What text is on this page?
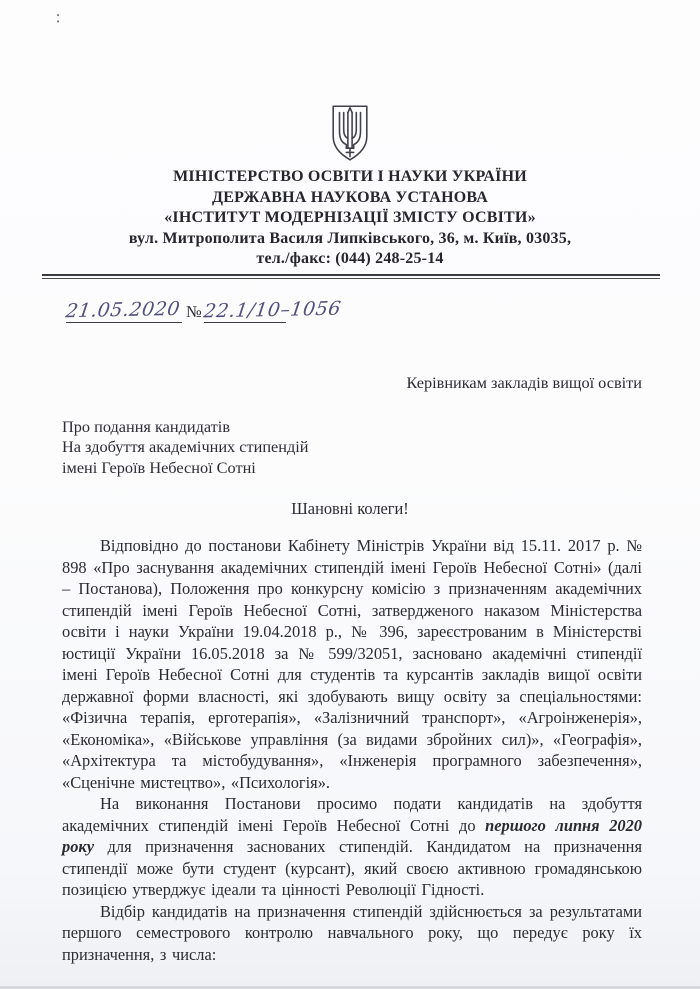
:
МІНІСТЕРСТВО ОСВІТИ І НАУКИ УКРАЇНИ
ДЕРЖАВНА НАУКОВА УСТАНОВА
«ІНСТИТУТ МОДЕРНІЗАЦІЇ ЗМІСТУ ОСВІТИ»
вул. Митрополита Василя Липківського, 36, м. Київ, 03035,
тел./факс: (044) 248-25-14
21.05.2020 № 22.1/10–1056
Керівникам закладів вищої освіти
Про подання кандидатів
На здобуття академічних стипендій
імені Героїв Небесної Сотні
Шановні колеги!

Відповідно до постанови Кабінету Міністрів України від 15.11. 2017 р. № 898 «Про заснування академічних стипендій імені Героїв Небесної Сотні» (далі – Постанова), Положення про конкурсну комісію з призначенням академічних стипендій імені Героїв Небесної Сотні, затвердженого наказом Міністерства освіти і науки України 19.04.2018 р., № 396, зареєстрованим в Міністерстві юстиції України 16.05.2018 за № 599/32051, засновано академічні стипендії імені Героїв Небесної Сотні для студентів та курсантів закладів вищої освіти державної форми власності, які здобувають вищу освіту за спеціальностями: «Фізична терапія, ерготерапія», «Залізничний транспорт», «Агроінженерія», «Економіка», «Військове управління (за видами збройних сил)», «Географія», «Архітектура та містобудування», «Інженерія програмного забезпечення», «Сценічне мистецтво», «Психологія».

На виконання Постанови просимо подати кандидатів на здобуття академічних стипендій імені Героїв Небесної Сотні до першого липня 2020 року для призначення заснованих стипендій. Кандидатом на призначення стипендії може бути студент (курсант), який своєю активною громадянською позицією утверджує ідеали та цінності Революції Гідності.

Відбір кандидатів на призначення стипендій здійснюється за результатами першого семестрового контролю навчального року, що передує року їх призначення, з числа:
